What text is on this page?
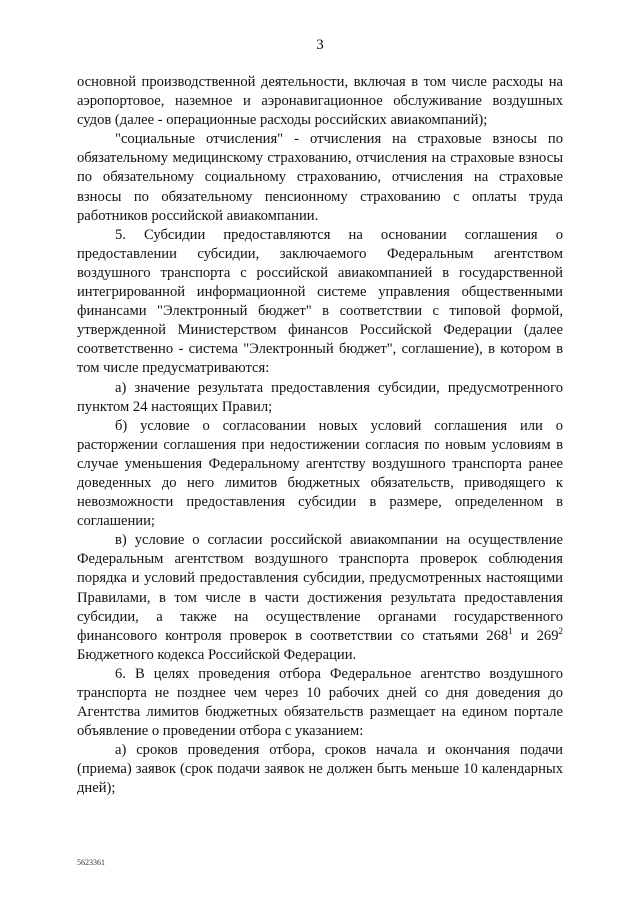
3

основной производственной деятельности, включая в том числе расходы на аэропортовое, наземное и аэронавигационное обслуживание воздушных судов (далее - операционные расходы российских авиакомпаний);

"социальные отчисления" - отчисления на страховые взносы по обязательному медицинскому страхованию, отчисления на страховые взносы по обязательному социальному страхованию, отчисления на страховые взносы по обязательному пенсионному страхованию с оплаты труда работников российской авиакомпании.

5. Субсидии предоставляются на основании соглашения о предоставлении субсидии, заключаемого Федеральным агентством воздушного транспорта с российской авиакомпанией в государственной интегрированной информационной системе управления общественными финансами "Электронный бюджет" в соответствии с типовой формой, утвержденной Министерством финансов Российской Федерации (далее соответственно - система "Электронный бюджет", соглашение), в котором в том числе предусматриваются:

а) значение результата предоставления субсидии, предусмотренного пунктом 24 настоящих Правил;

б) условие о согласовании новых условий соглашения или о расторжении соглашения при недостижении согласия по новым условиям в случае уменьшения Федеральному агентству воздушного транспорта ранее доведенных до него лимитов бюджетных обязательств, приводящего к невозможности предоставления субсидии в размере, определенном в соглашении;

в) условие о согласии российской авиакомпании на осуществление Федеральным агентством воздушного транспорта проверок соблюдения порядка и условий предоставления субсидии, предусмотренных настоящими Правилами, в том числе в части достижения результата предоставления субсидии, а также на осуществление органами государственного финансового контроля проверок в соответствии со статьями $268^1$ и $269^2$ Бюджетного кодекса Российской Федерации.

6. В целях проведения отбора Федеральное агентство воздушного транспорта не позднее чем через 10 рабочих дней со дня доведения до Агентства лимитов бюджетных обязательств размещает на едином портале объявление о проведении отбора с указанием:

а) сроков проведения отбора, сроков начала и окончания подачи (приема) заявок (срок подачи заявок не должен быть меньше 10 календарных дней);

5623361
